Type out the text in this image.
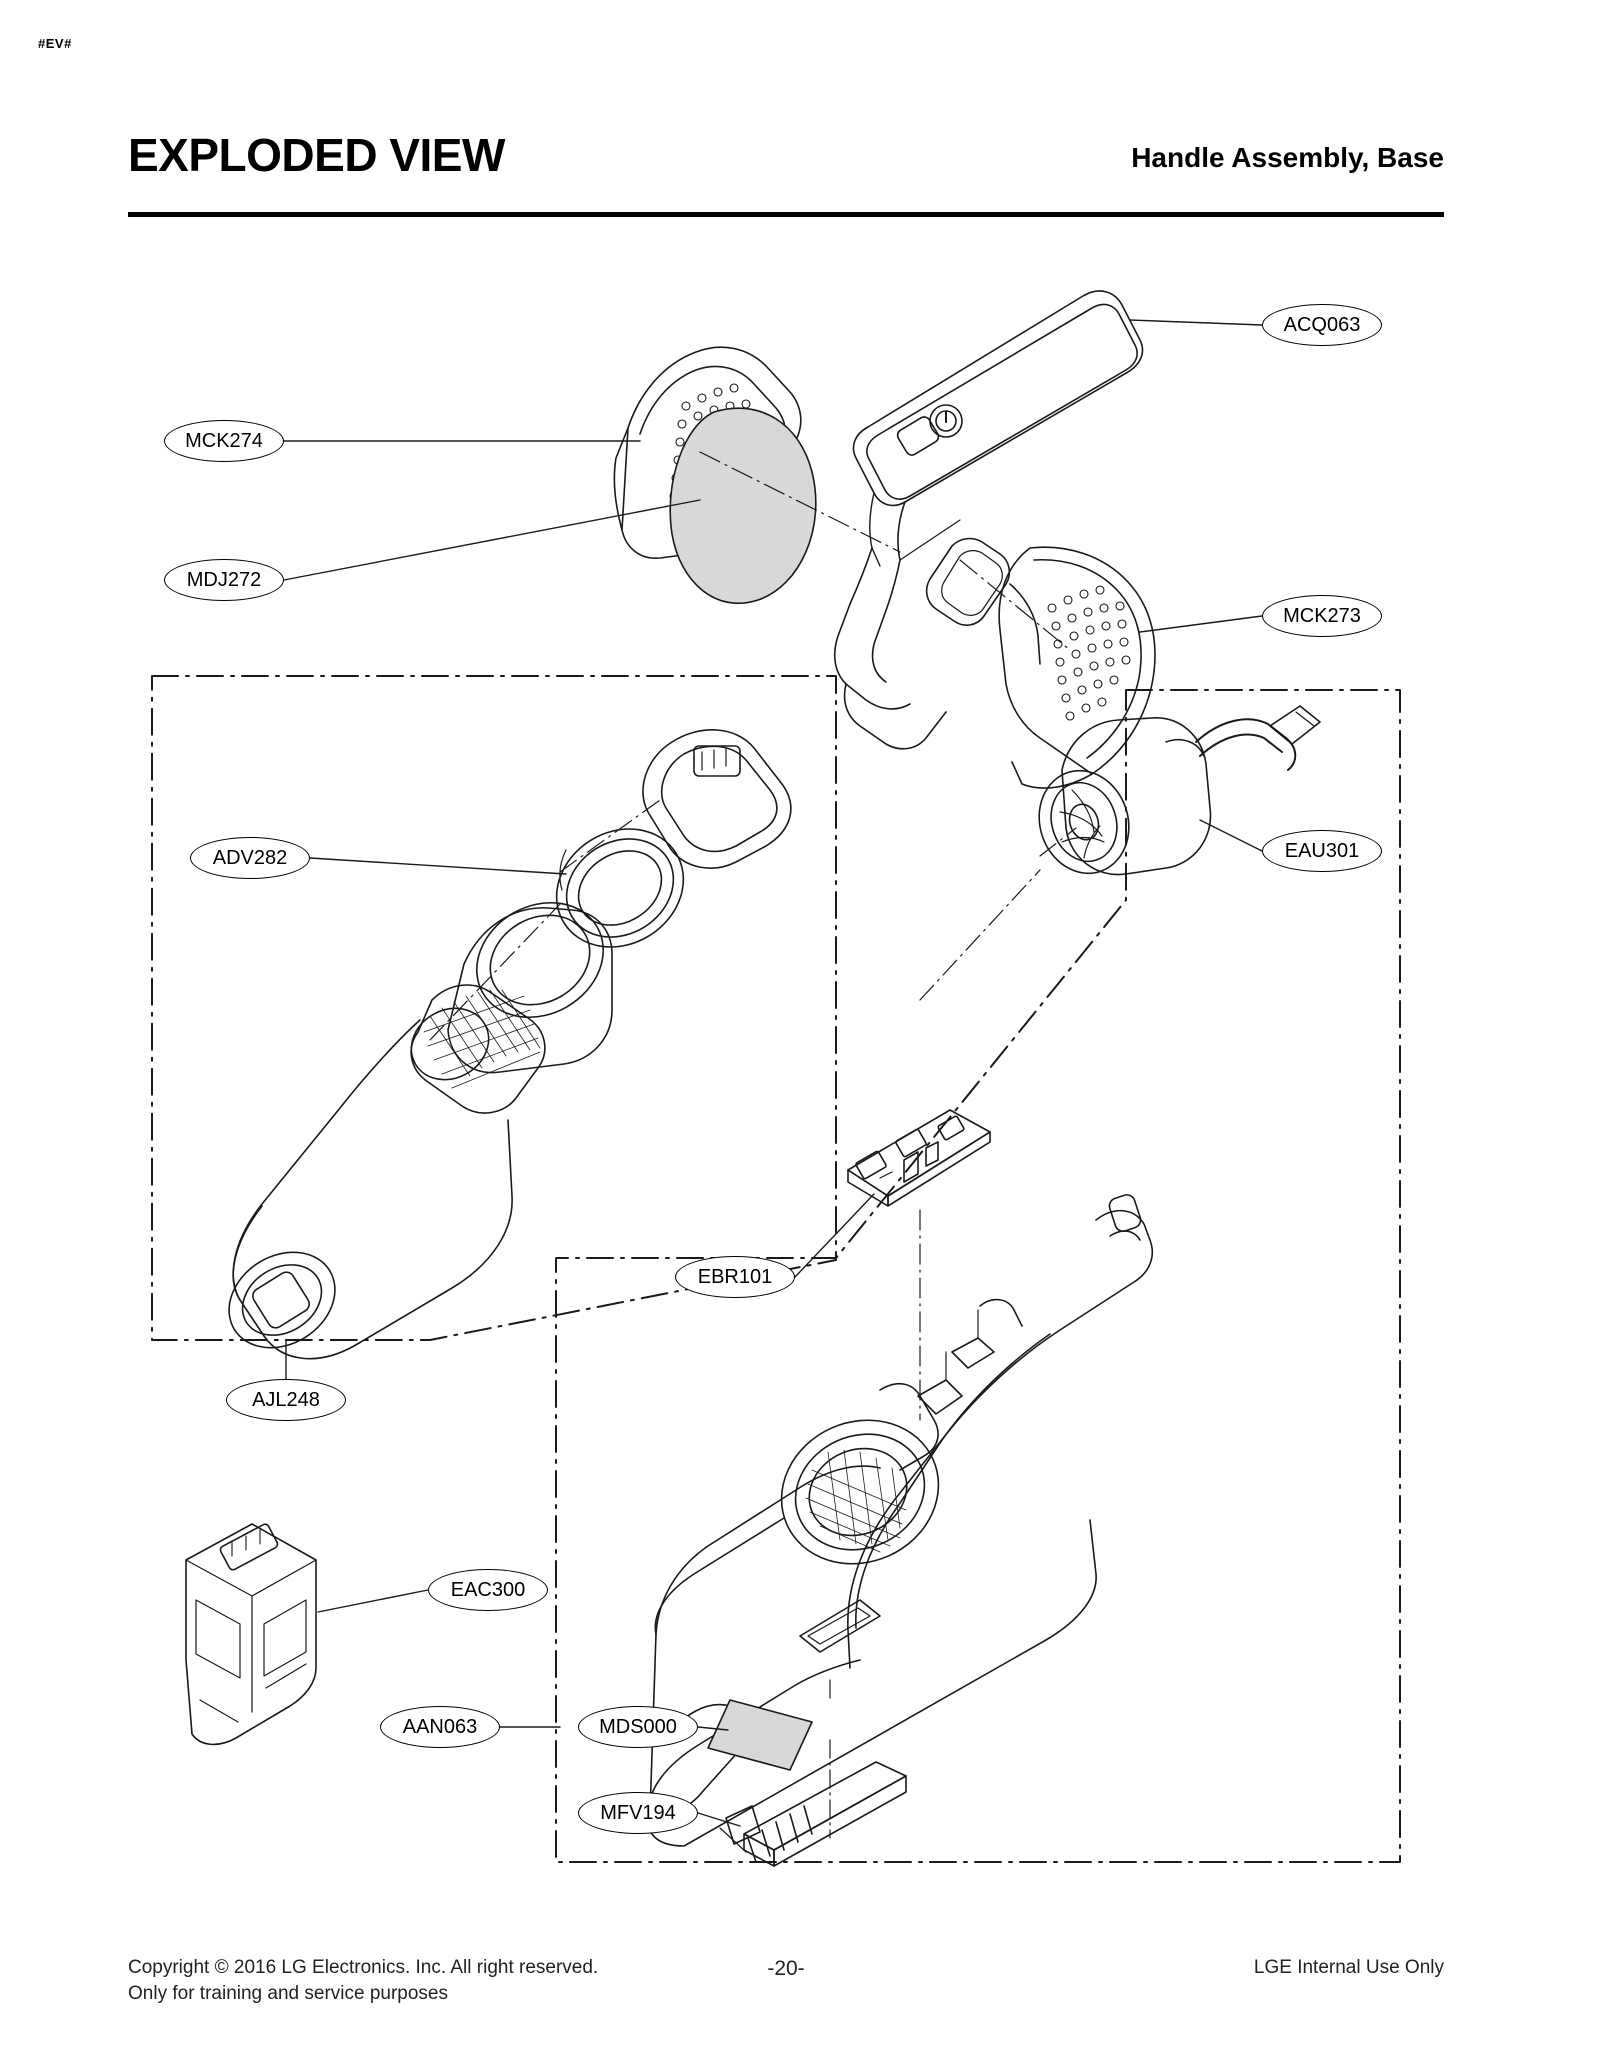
#EV#
EXPLODED VIEW	Handle Assembly, Base
MCK274
MDJ272
ACQ063
MCK273
ADV282	EAU301
EBR101
AJL248
EAC300
AAN063	MDS000
MFV194
Copyright © 2016 LG Electronics. Inc. All right reserved.
Only for training and service purposes
-20-	LGE Internal Use Only
